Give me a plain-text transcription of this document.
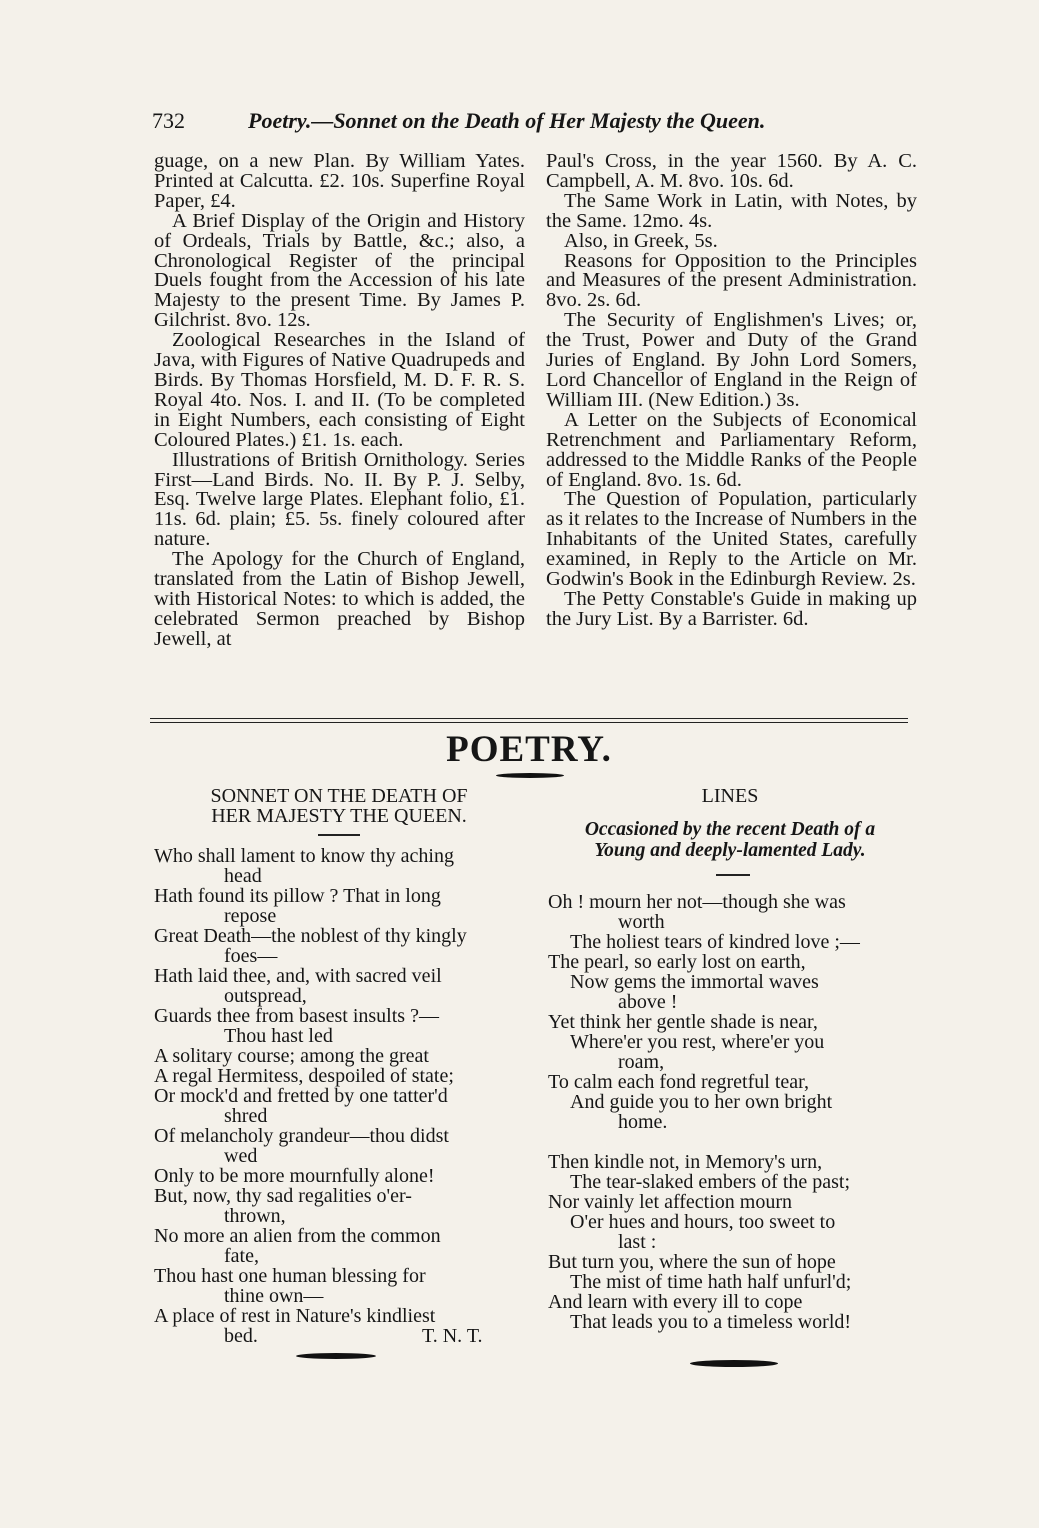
732	Poetry.—Sonnet on the Death of Her Majesty the Queen.

guage, on a new Plan. By William Yates. Printed at Calcutta. £2. 10s. Superfine Royal Paper, £4.

A Brief Display of the Origin and History of Ordeals, Trials by Battle, &c.; also, a Chronological Register of the principal Duels fought from the Accession of his late Majesty to the present Time. By James P. Gilchrist. 8vo. 12s.

Zoological Researches in the Island of Java, with Figures of Native Quadrupeds and Birds. By Thomas Horsfield, M. D. F. R. S. Royal 4to. Nos. I. and II. (To be completed in Eight Numbers, each consisting of Eight Coloured Plates.) £1. 1s. each.

Illustrations of British Ornithology. Series First—Land Birds. No. II. By P. J. Selby, Esq. Twelve large Plates. Elephant folio, £1. 11s. 6d. plain; £5. 5s. finely coloured after nature.

The Apology for the Church of England, translated from the Latin of Bishop Jewell, with Historical Notes: to which is added, the celebrated Sermon preached by Bishop Jewell, at

Paul's Cross, in the year 1560. By A. C. Campbell, A. M. 8vo. 10s. 6d.

The Same Work in Latin, with Notes, by the Same. 12mo. 4s.

Also, in Greek, 5s.

Reasons for Opposition to the Principles and Measures of the present Administration. 8vo. 2s. 6d.

The Security of Englishmen's Lives; or, the Trust, Power and Duty of the Grand Juries of England. By John Lord Somers, Lord Chancellor of England in the Reign of William III. (New Edition.) 3s.

A Letter on the Subjects of Economical Retrenchment and Parliamentary Reform, addressed to the Middle Ranks of the People of England. 8vo. 1s. 6d.

The Question of Population, particularly as it relates to the Increase of Numbers in the Inhabitants of the United States, carefully examined, in Reply to the Article on Mr. Godwin's Book in the Edinburgh Review. 2s.

The Petty Constable's Guide in making up the Jury List. By a Barrister. 6d.

POETRY.
SONNET ON THE DEATH OF
HER MAJESTY THE QUEEN.
Who shall lament to know thy aching
head
Hath found its pillow ? That in long
repose
Great Death—the noblest of thy kingly
foes—
Hath laid thee, and, with sacred veil
outspread,
Guards thee from basest insults ?—
Thou hast led
A solitary course; among the great
A regal Hermitess, despoiled of state;
Or mock'd and fretted by one tatter'd
shred
Of melancholy grandeur—thou didst
wed
Only to be more mournfully alone!
But, now, thy sad regalities o'er-
thrown,
No more an alien from the common
fate,
Thou hast one human blessing for
thine own—
A place of rest in Nature's kindliest
bed.	T. N. T.
LINES
Occasioned by the recent Death of a
Young and deeply-lamented Lady.
Oh ! mourn her not—though she was
worth
The holiest tears of kindred love ;—
The pearl, so early lost on earth,
Now gems the immortal waves
above !
Yet think her gentle shade is near,
Where'er you rest, where'er you
roam,
To calm each fond regretful tear,
And guide you to her own bright
home.
Then kindle not, in Memory's urn,
The tear-slaked embers of the past;
Nor vainly let affection mourn
O'er hues and hours, too sweet to
last :
But turn you, where the sun of hope
The mist of time hath half unfurl'd;
And learn with every ill to cope
That leads you to a timeless world!
